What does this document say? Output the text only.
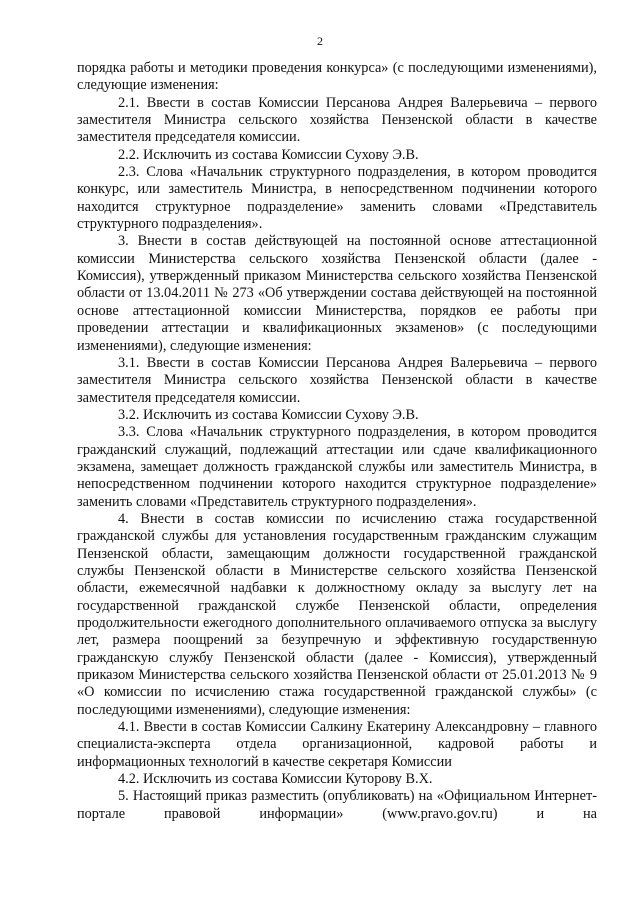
2

порядка работы и методики проведения конкурса» (с последующими изменениями), следующие изменения:

2.1. Ввести в состав Комиссии Персанова Андрея Валерьевича – первого заместителя Министра сельского хозяйства Пензенской области в качестве заместителя председателя комиссии.

2.2. Исключить из состава Комиссии Сухову Э.В.

2.3. Слова «Начальник структурного подразделения, в котором проводится конкурс, или заместитель Министра, в непосредственном подчинении которого находится структурное подразделение» заменить словами «Представитель структурного подразделения».

3. Внести в состав действующей на постоянной основе аттестационной комиссии Министерства сельского хозяйства Пензенской области (далее - Комиссия), утвержденный приказом Министерства сельского хозяйства Пензенской области от 13.04.2011 № 273 «Об утверждении состава действующей на постоянной основе аттестационной комиссии Министерства, порядков ее работы при проведении аттестации и квалификационных экзаменов» (с последующими изменениями), следующие изменения:

3.1. Ввести в состав Комиссии Персанова Андрея Валерьевича – первого заместителя Министра сельского хозяйства Пензенской области в качестве заместителя председателя комиссии.

3.2. Исключить из состава Комиссии Сухову Э.В.

3.3. Слова «Начальник структурного подразделения, в котором проводится гражданский служащий, подлежащий аттестации или сдаче квалификационного экзамена, замещает должность гражданской службы или заместитель Министра, в непосредственном подчинении которого находится структурное подразделение» заменить словами «Представитель структурного подразделения».

4. Внести в состав комиссии по исчислению стажа государственной гражданской службы для установления государственным гражданским служащим Пензенской области, замещающим должности государственной гражданской службы Пензенской области в Министерстве сельского хозяйства Пензенской области, ежемесячной надбавки к должностному окладу за выслугу лет на государственной гражданской службе Пензенской области, определения продолжительности ежегодного дополнительного оплачиваемого отпуска за выслугу лет, размера поощрений за безупречную и эффективную государственную гражданскую службу Пензенской области (далее - Комиссия), утвержденный приказом Министерства сельского хозяйства Пензенской области от 25.01.2013 № 9 «О комиссии по исчислению стажа государственной гражданской службы» (с последующими изменениями), следующие изменения:

4.1. Ввести в состав Комиссии Салкину Екатерину Александровну – главного специалиста-эксперта отдела организационной, кадровой работы и информационных технологий в качестве секретаря Комиссии

4.2. Исключить из состава Комиссии Куторову В.Х.

5. Настоящий приказ разместить (опубликовать) на «Официальном Интернет-портале правовой информации» (www.pravo.gov.ru) и на
